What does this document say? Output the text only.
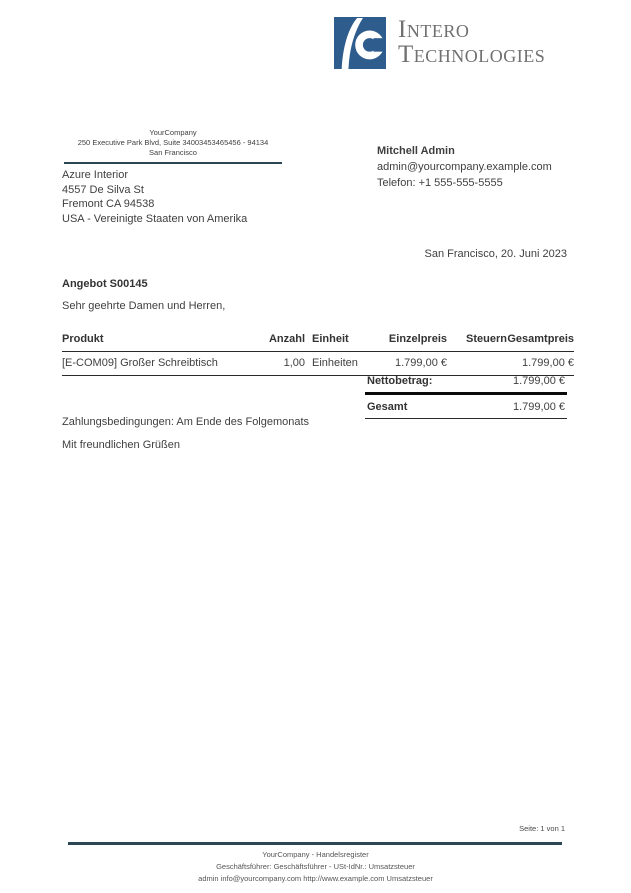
Intero
Technologies
YourCompany
250 Executive Park Blvd, Suite 34003453465456 - 94134
San Francisco
Azure Interior
4557 De Silva St
Fremont CA 94538
USA - Vereinigte Staaten von Amerika
Mitchell Admin
admin@yourcompany.example.com
Telefon: +1 555-555-5555
San Francisco, 20. Juni 2023
Angebot S00145
Sehr geehrte Damen und Herren,
Produkt	Anzahl	Einheit	Einzelpreis	Steuern	Gesamtpreis
[E-COM09] Großer Schreibtisch	1,00	Einheiten	1.799,00 €		1.799,00 €
Nettobetrag:	1.799,00 €
Gesamt	1.799,00 €
Zahlungsbedingungen: Am Ende des Folgemonats
Mit freundlichen Grüßen
Seite: 1 von 1
YourCompany - Handelsregister
Geschäftsführer: Geschäftsführer - USt-IdNr.: Umsatzsteuer
admin info@yourcompany.com http://www.example.com Umsatzsteuer
